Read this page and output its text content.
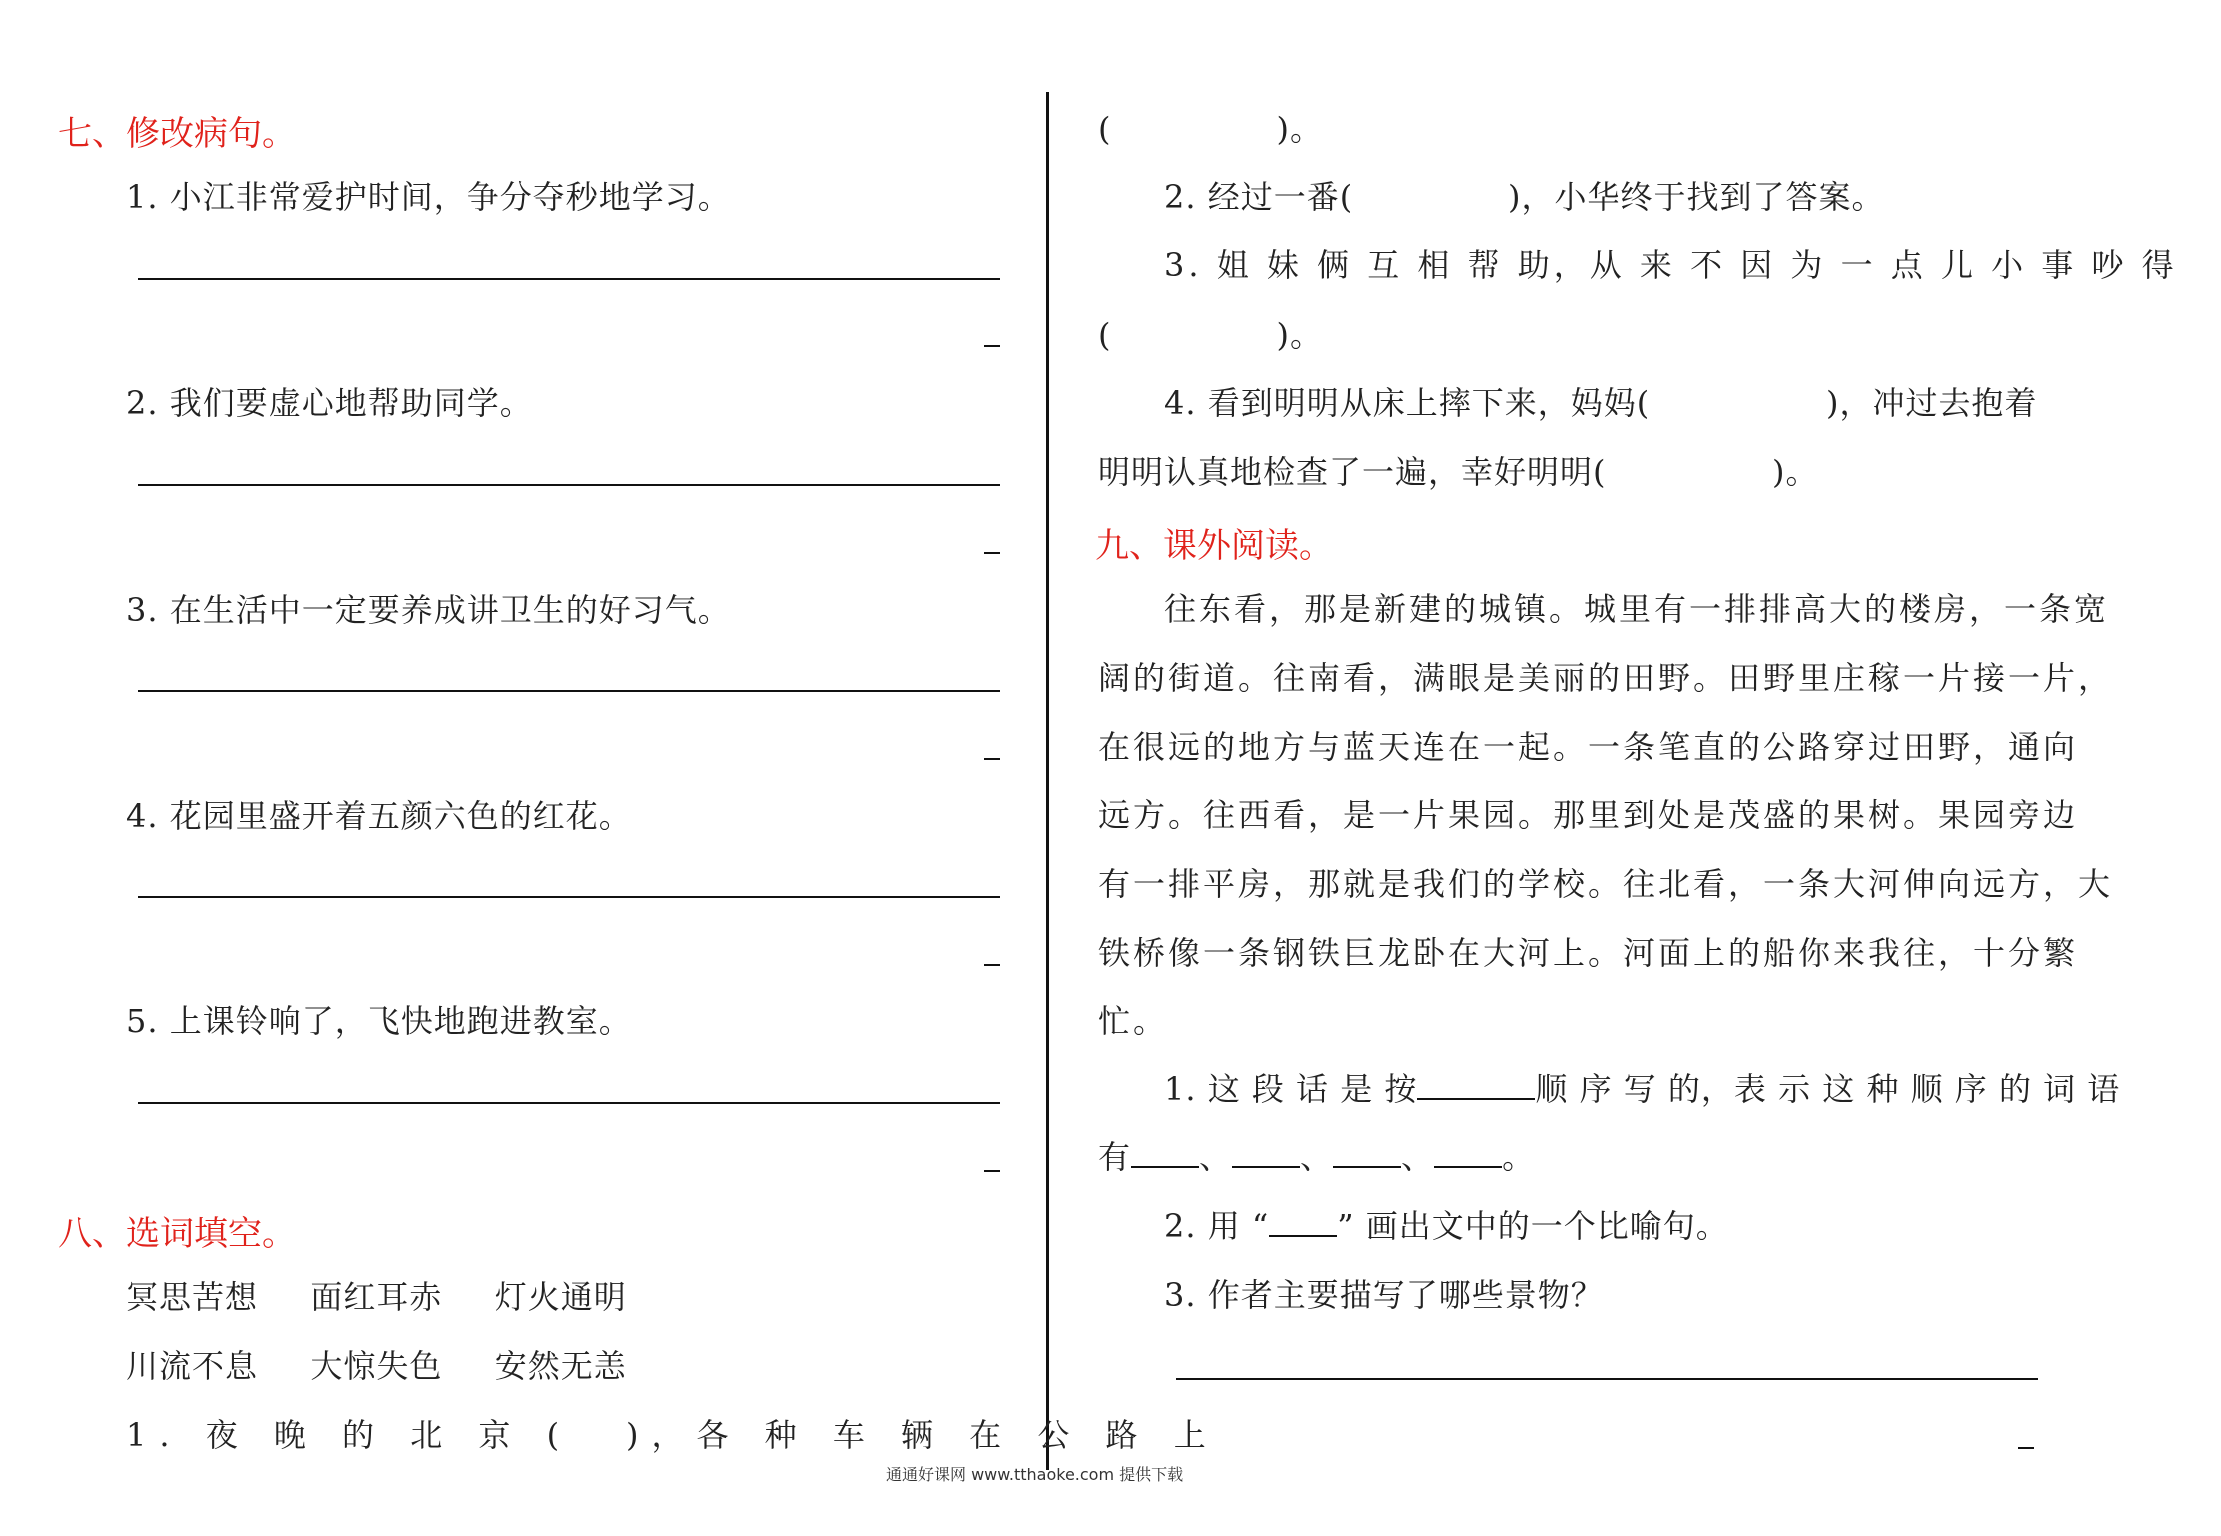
七、修改病句。
1. 小江非常爱护时间，争分夺秒地学习。
2. 我们要虚心地帮助同学。
3. 在生活中一定要养成讲卫生的好习气。
4. 花园里盛开着五颜六色的红花。
5. 上课铃响了，飞快地跑进教室。
八、选词填空。
冥思苦想 面红耳赤 灯火通明
川流不息 大惊失色 安然无恙
1. 夜 晚 的 北 京 ( )，各 种 车 辆 在 公 路 上
(　　　　　)。
2. 经过一番(	)，小华终于找到了答案。
3. 姐 妹 俩 互 相 帮 助，从 来 不 因 为 一 点 儿 小 事 吵 得
(　　　　　)。
4. 看到明明从床上摔下来，妈妈(	)，冲过去抱着
明明认真地检查了一遍，幸好明明(	)。
九、课外阅读。
往东看，那是新建的城镇。城里有一排排高大的楼房，一条宽
阔的街道。往南看，满眼是美丽的田野。田野里庄稼一片接一片，
在很远的地方与蓝天连在一起。一条笔直的公路穿过田野，通向
远方。往西看，是一片果园。那里到处是茂盛的果树。果园旁边
有一排平房，那就是我们的学校。往北看，一条大河伸向远方，大
铁桥像一条钢铁巨龙卧在大河上。河面上的船你来我往，十分繁
忙。
1. 这 段 话 是 按	顺 序 写 的，表 示 这 种 顺 序 的 词 语
有 、 、 、 。
2. 用 “ ” 画出文中的一个比喻句。
3. 作者主要描写了哪些景物？
通通好课网 www.tthaoke.com 提供下载
